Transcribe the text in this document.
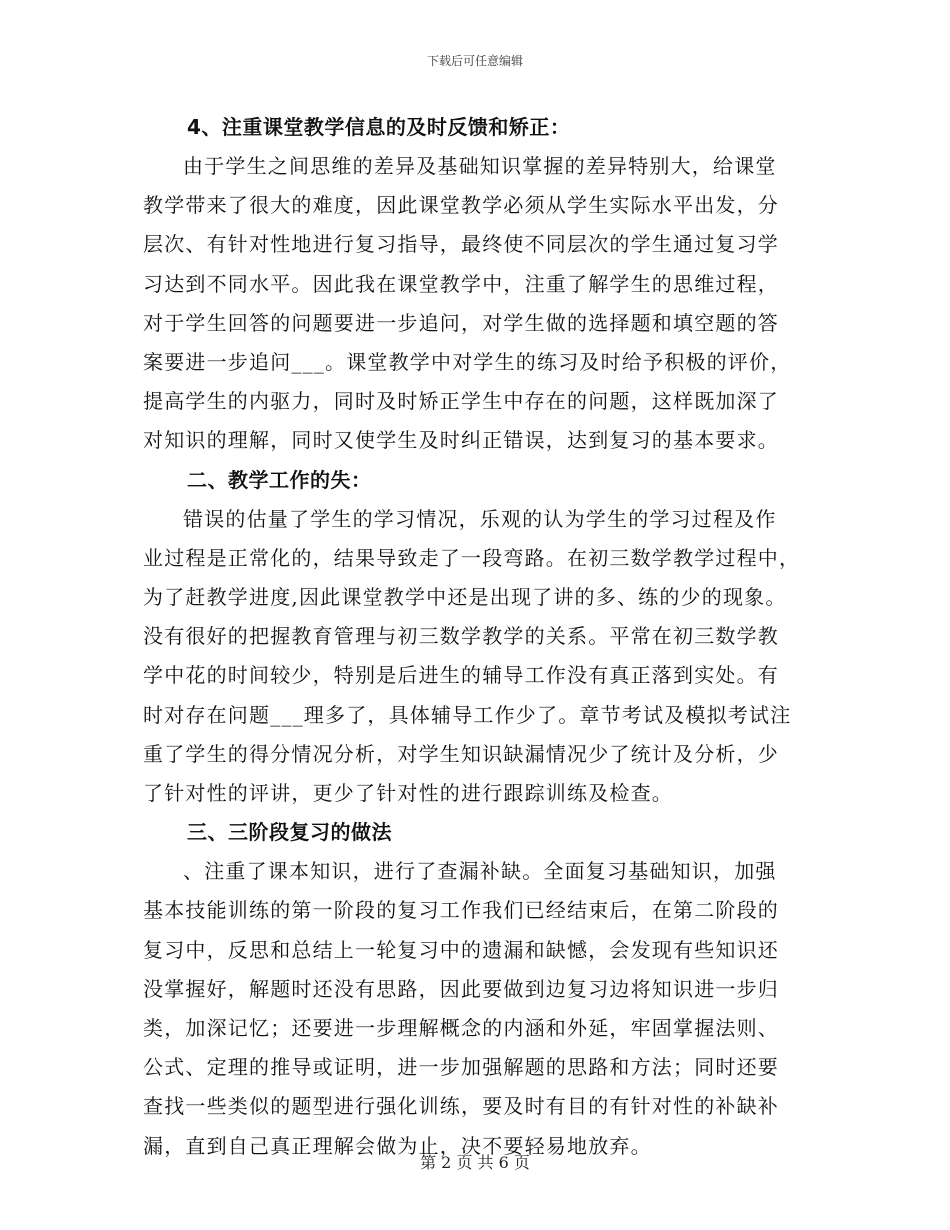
下载后可任意编辑
4、注重课堂教学信息的及时反馈和矫正：
由于学生之间思维的差异及基础知识掌握的差异特别大，给课堂
教学带来了很大的难度，因此课堂教学必须从学生实际水平出发，分
层次、有针对性地进行复习指导，最终使不同层次的学生通过复习学
习达到不同水平。因此我在课堂教学中，注重了解学生的思维过程，
对于学生回答的问题要进一步追问，对学生做的选择题和填空题的答
案要进一步追问___。课堂教学中对学生的练习及时给予积极的评价，
提高学生的内驱力，同时及时矫正学生中存在的问题，这样既加深了
对知识的理解，同时又使学生及时纠正错误，达到复习的基本要求。
二、教学工作的失：
错误的估量了学生的学习情况，乐观的认为学生的学习过程及作
业过程是正常化的，结果导致走了一段弯路。在初三数学教学过程中，
为了赶教学进度,因此课堂教学中还是出现了讲的多、练的少的现象。
没有很好的把握教育管理与初三数学教学的关系。平常在初三数学教
学中花的时间较少，特别是后进生的辅导工作没有真正落到实处。有
时对存在问题___理多了，具体辅导工作少了。章节考试及模拟考试注
重了学生的得分情况分析，对学生知识缺漏情况少了统计及分析，少
了针对性的评讲，更少了针对性的进行跟踪训练及检查。
三、三阶段复习的做法
、注重了课本知识，进行了查漏补缺。全面复习基础知识，加强
基本技能训练的第一阶段的复习工作我们已经结束后，在第二阶段的
复习中，反思和总结上一轮复习中的遗漏和缺憾，会发现有些知识还
没掌握好，解题时还没有思路，因此要做到边复习边将知识进一步归
类，加深记忆；还要进一步理解概念的内涵和外延，牢固掌握法则、
公式、定理的推导或证明，进一步加强解题的思路和方法；同时还要
查找一些类似的题型进行强化训练，要及时有目的有针对性的补缺补
漏，直到自己真正理解会做为止，决不要轻易地放弃。
第 2 页 共 6 页
